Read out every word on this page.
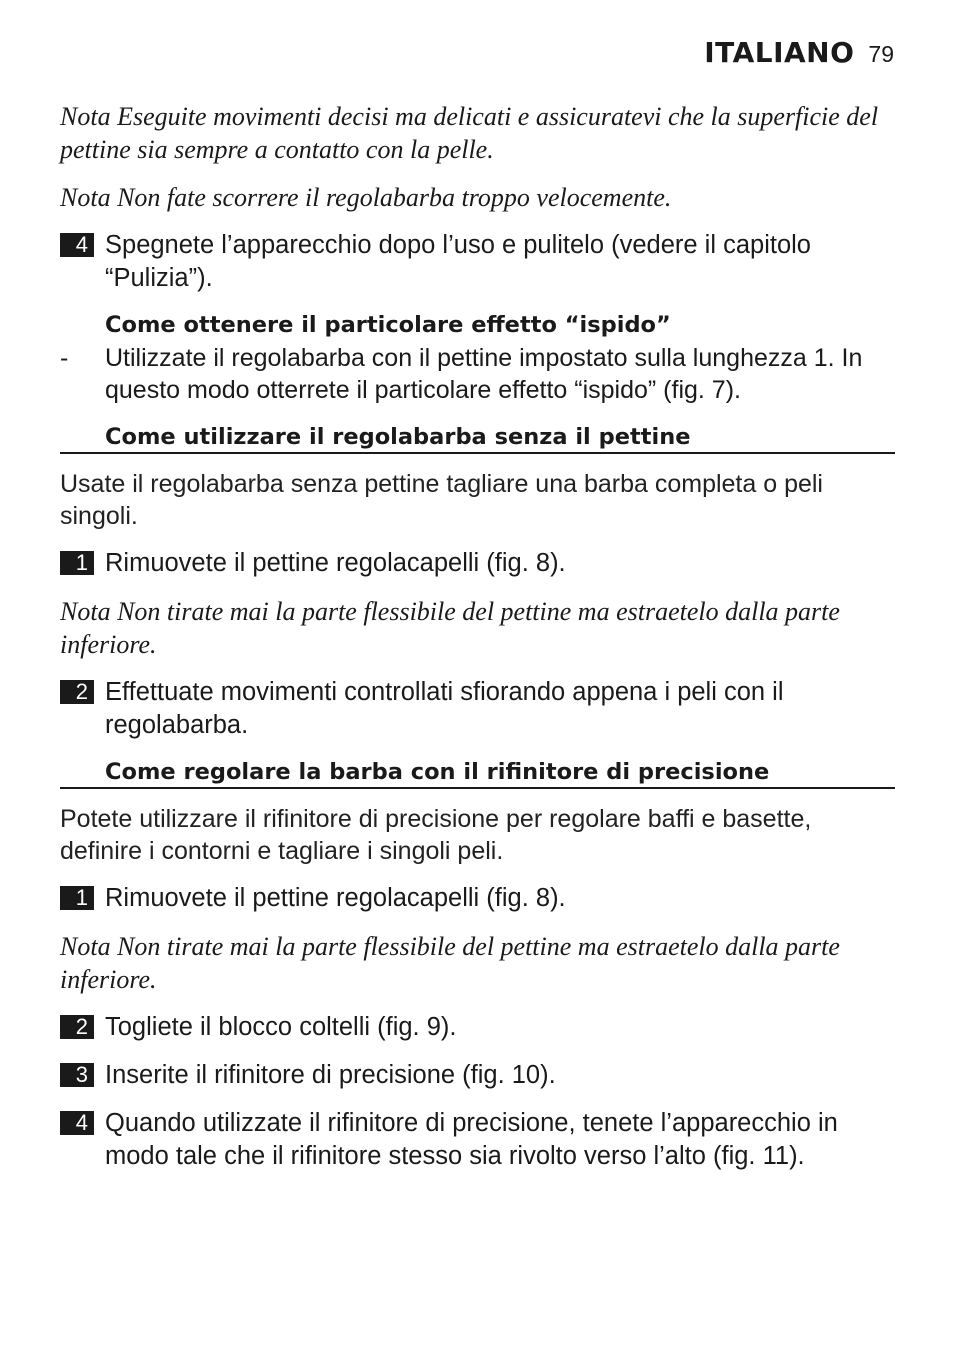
ITALIANO 79

Nota Eseguite movimenti decisi ma delicati e assicuratevi che la superficie del pettine sia sempre a contatto con la pelle.

Nota Non fate scorrere il regolabarba troppo velocemente.

4 Spegnete l’apparecchio dopo l’uso e pulitelo (vedere il capitolo “Pulizia”).
Come ottenere il particolare effetto “ispido”
- Utilizzate il regolabarba con il pettine impostato sulla lunghezza 1. In questo modo otterrete il particolare effetto “ispido” (fig. 7).
Come utilizzare il regolabarba senza il pettine

Usate il regolabarba senza pettine tagliare una barba completa o peli singoli.

1 Rimuovete il pettine regolacapelli (fig. 8).

Nota Non tirate mai la parte flessibile del pettine ma estraetelo dalla parte inferiore.

2 Effettuate movimenti controllati sfiorando appena i peli con il regolabarba.
Come regolare la barba con il rifinitore di precisione

Potete utilizzare il rifinitore di precisione per regolare baffi e basette, definire i contorni e tagliare i singoli peli.

1 Rimuovete il pettine regolacapelli (fig. 8).

Nota Non tirate mai la parte flessibile del pettine ma estraetelo dalla parte inferiore.

2 Togliete il blocco coltelli (fig. 9).
3 Inserite il rifinitore di precisione (fig. 10).
4 Quando utilizzate il rifinitore di precisione, tenete l’apparecchio in modo tale che il rifinitore stesso sia rivolto verso l’alto (fig. 11).
